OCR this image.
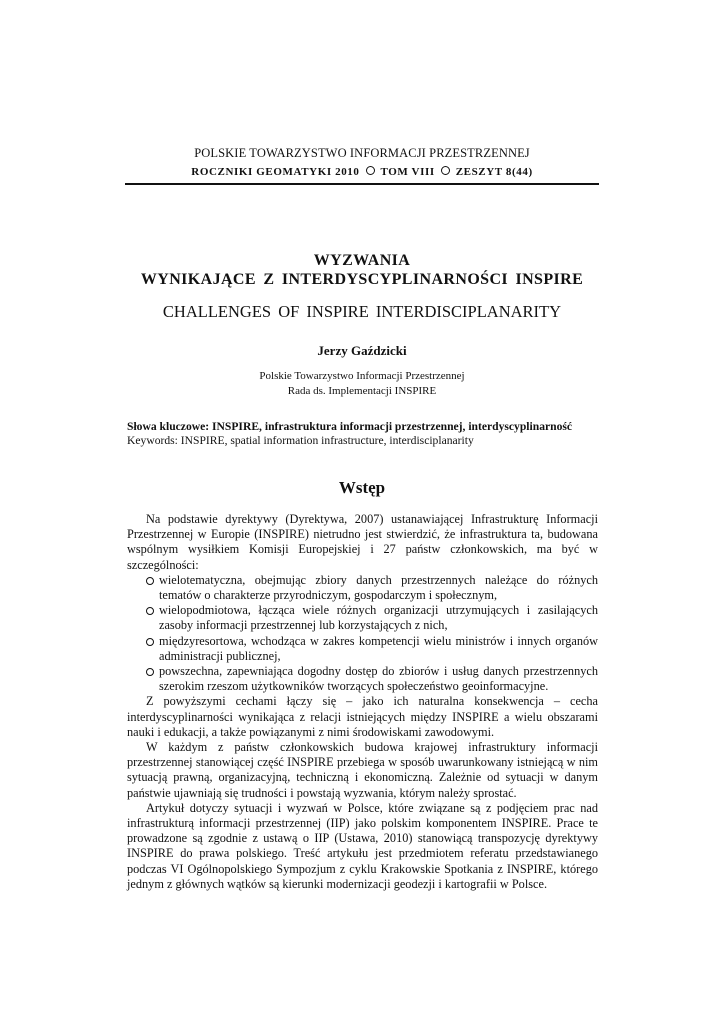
POLSKIE TOWARZYSTWO INFORMACJI PRZESTRZENNEJ
ROCZNIKI GEOMATYKI 2010 TOM VIII ZESZYT 8(44)
WYZWANIA
WYNIKAJĄCE Z INTERDYSCYPLINARNOŚCI INSPIRE
CHALLENGES OF INSPIRE INTERDISCIPLANARITY
Jerzy Gaździcki
Polskie Towarzystwo Informacji Przestrzennej
Rada ds. Implementacji INSPIRE
Słowa kluczowe: INSPIRE, infrastruktura informacji przestrzennej, interdyscyplinarność
Keywords: INSPIRE, spatial information infrastructure, interdisciplanarity
Wstęp

Na podstawie dyrektywy (Dyrektywa, 2007) ustanawiającej Infrastrukturę Informacji Przestrzennej w Europie (INSPIRE) nietrudno jest stwierdzić, że infrastruktura ta, budowana wspólnym wysiłkiem Komisji Europejskiej i 27 państw członkowskich, ma być w szczególności:

wielotematyczna, obejmując zbiory danych przestrzennych należące do różnych tematów o charakterze przyrodniczym, gospodarczym i społecznym,
wielopodmiotowa, łącząca wiele różnych organizacji utrzymujących i zasilających zasoby informacji przestrzennej lub korzystających z nich,
międzyresortowa, wchodząca w zakres kompetencji wielu ministrów i innych organów administracji publicznej,
powszechna, zapewniająca dogodny dostęp do zbiorów i usług danych przestrzennych szerokim rzeszom użytkowników tworzących społeczeństwo geoinformacyjne.

Z powyższymi cechami łączy się – jako ich naturalna konsekwencja – cecha interdyscyplinarności wynikająca z relacji istniejących między INSPIRE a wielu obszarami nauki i edukacji, a także powiązanymi z nimi środowiskami zawodowymi.

W każdym z państw członkowskich budowa krajowej infrastruktury informacji przestrzennej stanowiącej część INSPIRE przebiega w sposób uwarunkowany istniejącą w nim sytuacją prawną, organizacyjną, techniczną i ekonomiczną. Zależnie od sytuacji w danym państwie ujawniają się trudności i powstają wyzwania, którym należy sprostać.

Artykuł dotyczy sytuacji i wyzwań w Polsce, które związane są z podjęciem prac nad infrastrukturą informacji przestrzennej (IIP) jako polskim komponentem INSPIRE. Prace te prowadzone są zgodnie z ustawą o IIP (Ustawa, 2010) stanowiącą transpozycję dyrektywy INSPIRE do prawa polskiego. Treść artykułu jest przedmiotem referatu przedstawianego podczas VI Ogólnopolskiego Sympozjum z cyklu Krakowskie Spotkania z INSPIRE, którego jednym z głównych wątków są kierunki modernizacji geodezji i kartografii w Polsce.
